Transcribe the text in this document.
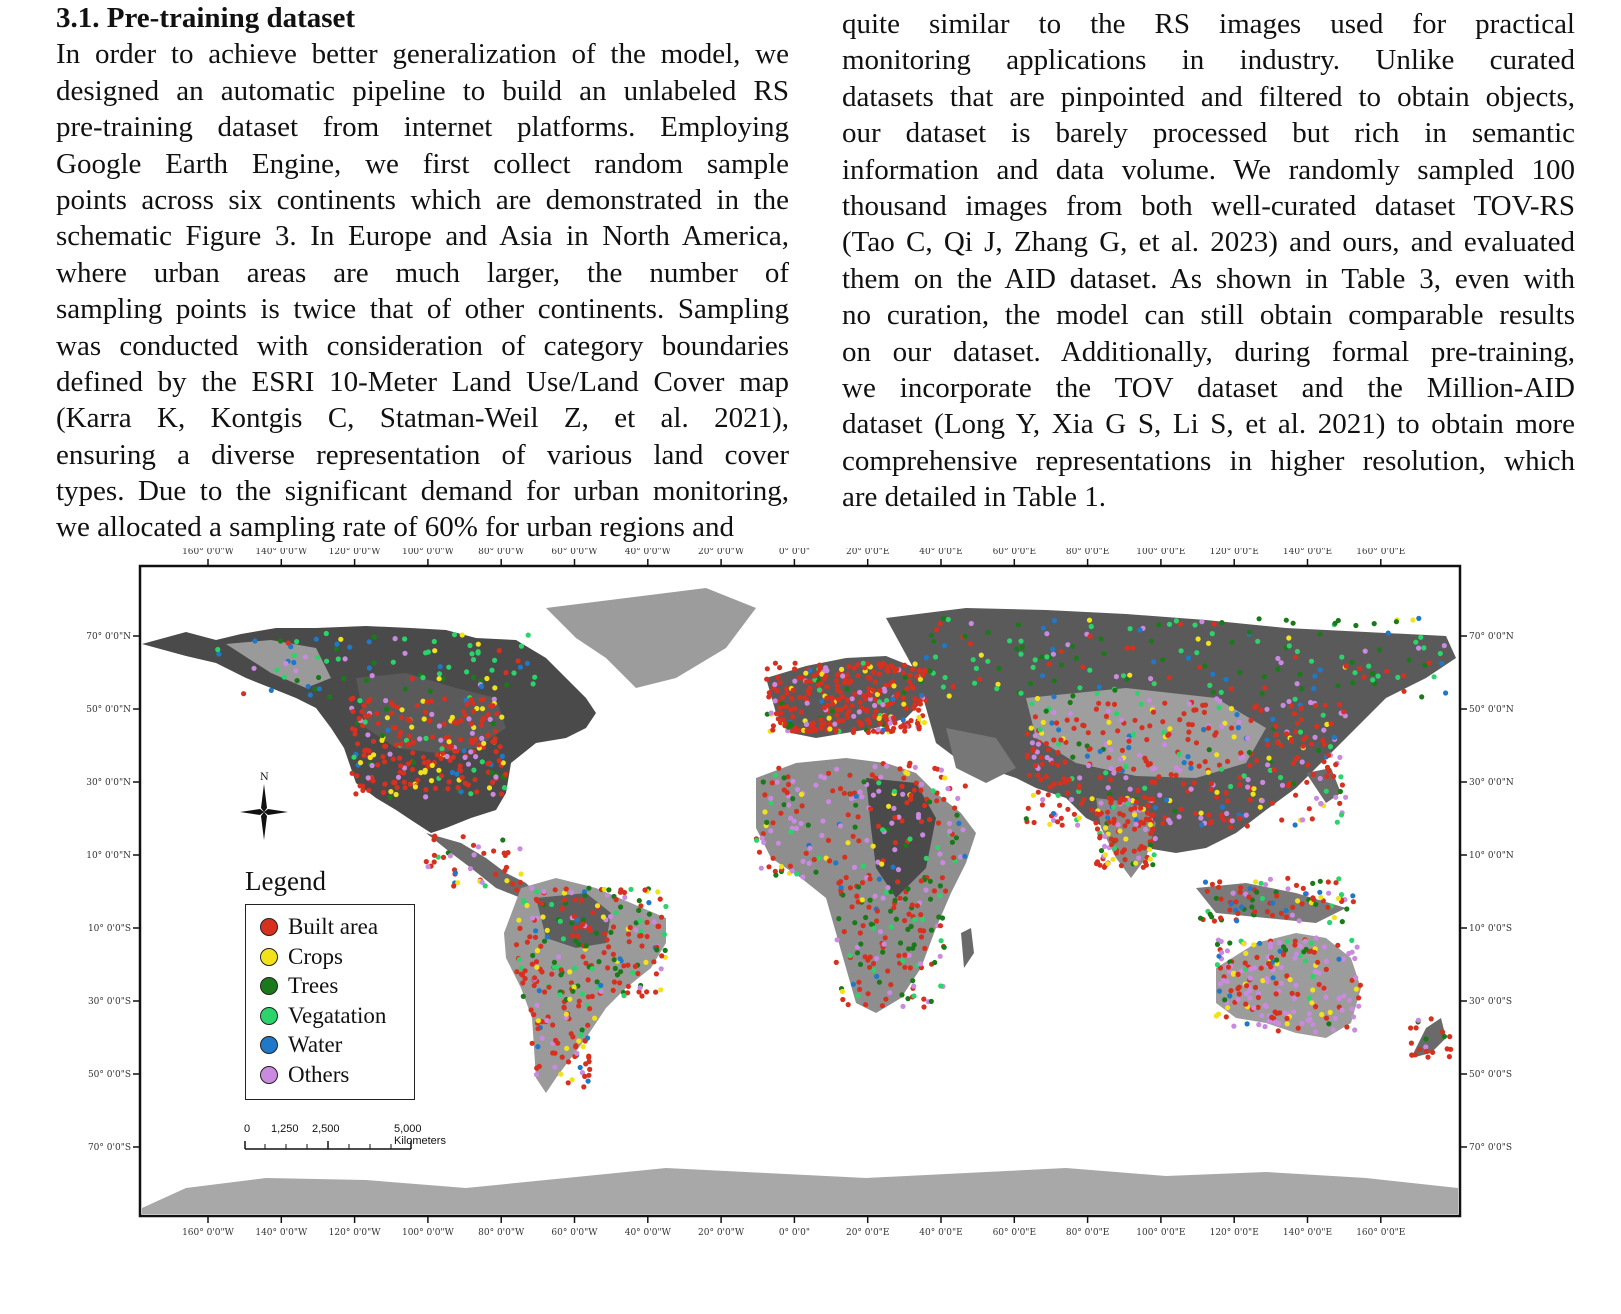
3.1. Pre-training dataset
In order to achieve better generalization of the model, we
designed an automatic pipeline to build an unlabeled RS
pre-training dataset from internet platforms. Employing
Google Earth Engine, we first collect random sample
points across six continents which are demonstrated in the
schematic Figure 3. In Europe and Asia in North America,
where urban areas are much larger, the number of
sampling points is twice that of other continents. Sampling
was conducted with consideration of category boundaries
defined by the ESRI 10-Meter Land Use/Land Cover map
(Karra K, Kontgis C, Statman-Weil Z, et al. 2021),
ensuring a diverse representation of various land cover
types. Due to the significant demand for urban monitoring,
we allocated a sampling rate of 60% for urban regions and
quite similar to the RS images used for practical
monitoring applications in industry. Unlike curated
datasets that are pinpointed and filtered to obtain objects,
our dataset is barely processed but rich in semantic
information and data volume. We randomly sampled 100
thousand images from both well-curated dataset TOV-RS
(Tao C, Qi J, Zhang G, et al. 2023) and ours, and evaluated
them on the AID dataset. As shown in Table 3, even with
no curation, the model can still obtain comparable results
on our dataset. Additionally, during formal pre-training,
we incorporate the TOV dataset and the Million-AID
dataset (Long Y, Xia G S, Li S, et al. 2021) to obtain more
comprehensive representations in higher resolution, which
are detailed in Table 1.
160° 0'0"W
160° 0'0"W
140° 0'0"W
140° 0'0"W
120° 0'0"W
120° 0'0"W
100° 0'0"W
100° 0'0"W
80° 0'0"W
80° 0'0"W
60° 0'0"W
60° 0'0"W
40° 0'0"W
40° 0'0"W
20° 0'0"W
20° 0'0"W
0° 0'0"
0° 0'0"
20° 0'0"E
20° 0'0"E
40° 0'0"E
40° 0'0"E
60° 0'0"E
60° 0'0"E
80° 0'0"E
80° 0'0"E
100° 0'0"E
100° 0'0"E
120° 0'0"E
120° 0'0"E
140° 0'0"E
140° 0'0"E
160° 0'0"E
160° 0'0"E
70° 0'0"N	70° 0'0"N
50° 0'0"N	50° 0'0"N
30° 0'0"N	30° 0'0"N
10° 0'0"N	10° 0'0"N
10° 0'0"S	10° 0'0"S
30° 0'0"S	30° 0'0"S
50° 0'0"S	50° 0'0"S
70° 0'0"S	70° 0'0"S
N
Legend
Built area
Crops
Trees
Vegatation
Water
Others
0 1,250 2,500	5,000 Kilometers
